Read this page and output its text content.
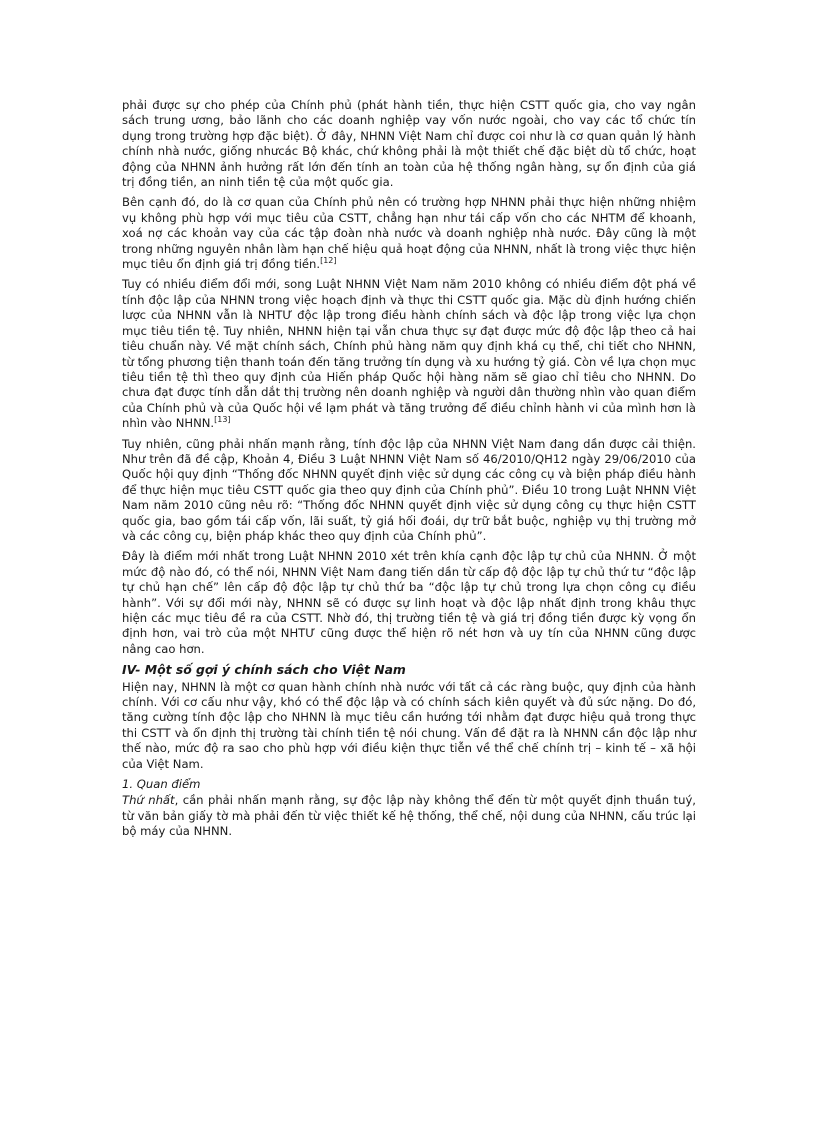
phải được sự cho phép của Chính phủ (phát hành tiền, thực hiện CSTT quốc gia, cho vay ngân sách trung ương, bảo lãnh cho các doanh nghiệp vay vốn nước ngoài, cho vay các tổ chức tín dụng trong trường hợp đặc biệt). Ở đây, NHNN Việt Nam chỉ được coi như là cơ quan quản lý hành chính nhà nước, giống nhưcác Bộ khác, chứ không phải là một thiết chế đặc biệt dù tổ chức, hoạt động của NHNN ảnh hưởng rất lớn đến tính an toàn của hệ thống ngân hàng, sự ổn định của giá trị đồng tiền, an ninh tiền tệ của một quốc gia.

Bên cạnh đó, do là cơ quan của Chính phủ nên có trường hợp NHNN phải thực hiện những nhiệm vụ không phù hợp với mục tiêu của CSTT, chẳng hạn như tái cấp vốn cho các NHTM để khoanh, xoá nợ các khoản vay của các tập đoàn nhà nước và doanh nghiệp nhà nước. Đây cũng là một trong những nguyên nhân làm hạn chế hiệu quả hoạt động của NHNN, nhất là trong việc thực hiện mục tiêu ổn định giá trị đồng tiền.[12]

Tuy có nhiều điểm đổi mới, song Luật NHNN Việt Nam năm 2010 không có nhiều điểm đột phá về tính độc lập của NHNN trong việc hoạch định và thực thi CSTT quốc gia. Mặc dù định hướng chiến lược của NHNN vẫn là NHTƯ độc lập trong điều hành chính sách và độc lập trong việc lựa chọn mục tiêu tiền tệ. Tuy nhiên, NHNN hiện tại vẫn chưa thực sự đạt được mức độ độc lập theo cả hai tiêu chuẩn này. Về mặt chính sách, Chính phủ hàng năm quy định khá cụ thể, chi tiết cho NHNN, từ tổng phương tiện thanh toán đến tăng trưởng tín dụng và xu hướng tỷ giá. Còn về lựa chọn mục tiêu tiền tệ thì theo quy định của Hiến pháp Quốc hội hàng năm sẽ giao chỉ tiêu cho NHNN. Do chưa đạt được tính dẫn dắt thị trường nên doanh nghiệp và người dân thường nhìn vào quan điểm của Chính phủ và của Quốc hội về lạm phát và tăng trưởng để điều chỉnh hành vi của mình hơn là nhìn vào NHNN.[13]

Tuy nhiên, cũng phải nhấn mạnh rằng, tính độc lập của NHNN Việt Nam đang dần được cải thiện. Như trên đã đề cập, Khoản 4, Điều 3 Luật NHNN Việt Nam số 46/2010/QH12 ngày 29/06/2010 của Quốc hội quy định “Thống đốc NHNN quyết định việc sử dụng các công cụ và biện pháp điều hành để thực hiện mục tiêu CSTT quốc gia theo quy định của Chính phủ”. Điều 10 trong Luật NHNN Việt Nam năm 2010 cũng nêu rõ: “Thống đốc NHNN quyết định việc sử dụng công cụ thực hiện CSTT quốc gia, bao gồm tái cấp vốn, lãi suất, tỷ giá hối đoái, dự trữ bắt buộc, nghiệp vụ thị trường mở và các công cụ, biện pháp khác theo quy định của Chính phủ”.

Đây là điểm mới nhất trong Luật NHNN 2010 xét trên khía cạnh độc lập tự chủ của NHNN. Ở một mức độ nào đó, có thể nói, NHNN Việt Nam đang tiến dần từ cấp độ độc lập tự chủ thứ tư “độc lập tự chủ hạn chế” lên cấp độ độc lập tự chủ thứ ba “độc lập tự chủ trong lựa chọn công cụ điều hành”. Với sự đổi mới này, NHNN sẽ có được sự linh hoạt và độc lập nhất định trong khâu thực hiện các mục tiêu đề ra của CSTT. Nhờ đó, thị trường tiền tệ và giá trị đồng tiền được kỳ vọng ổn định hơn, vai trò của một NHTƯ cũng được thể hiện rõ nét hơn và uy tín của NHNN cũng được nâng cao hơn.

IV- Một số gợi ý chính sách cho Việt Nam

Hiện nay, NHNN là một cơ quan hành chính nhà nước với tất cả các ràng buộc, quy định của hành chính. Với cơ cấu như vậy, khó có thể độc lập và có chính sách kiên quyết và đủ sức nặng. Do đó, tăng cường tính độc lập cho NHNN là mục tiêu cần hướng tới nhằm đạt được hiệu quả trong thực thi CSTT và ổn định thị trường tài chính tiền tệ nói chung. Vấn đề đặt ra là NHNN cần độc lập như thế nào, mức độ ra sao cho phù hợp với điều kiện thực tiễn về thể chế chính trị – kinh tế – xã hội của Việt Nam.

1. Quan điểm

Thứ nhất, cần phải nhấn mạnh rằng, sự độc lập này không thể đến từ một quyết định thuần tuý, từ văn bản giấy tờ mà phải đến từ việc thiết kế hệ thống, thể chế, nội dung của NHNN, cấu trúc lại bộ máy của NHNN.
